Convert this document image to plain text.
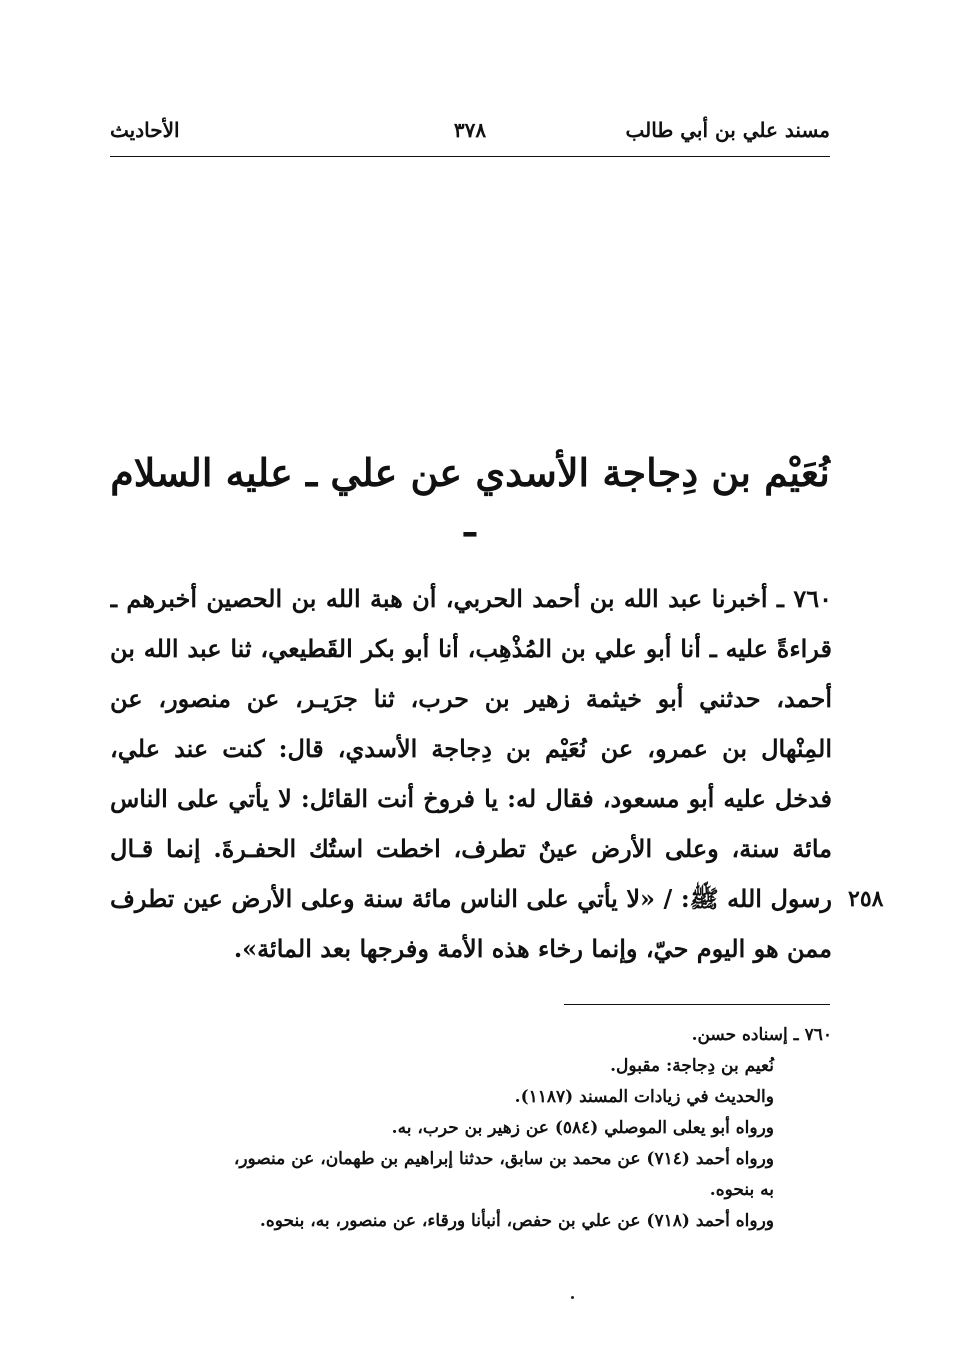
مسند علي بن أبي طالب
٣٧٨
الأحاديث
نُعَيْم بن دِجاجة الأسدي عن علي ـ عليه السلام ـ
٧٦٠ ـ أخبرنا عبد الله بن أحمد الحربي، أن هبة الله بن الحصين أخبرهم ـ
قراءةً عليه ـ أنا أبو علي بن المُذْهِب، أنا أبو بكر القَطيعي، ثنا عبد الله بن
أحمد، حدثني أبو خيثمة زهير بن حرب، ثنا جرَيـر، عن منصور، عن
المِنْهال بن عمرو، عن نُعَيْم بن دِجاجة الأسدي، قال: كنت عند علي،
فدخل عليه أبو مسعود، فقال له: يا فروخ أنت القائل: لا يأتي على الناس
مائة سنة، وعلى الأرض عينٌ تطرف، اخطت استُك الحفـرةَ. إنما قـال
رسول الله ﷺ: / «لا يأتي على الناس مائة سنة وعلى الأرض عين تطرف
ممن هو اليوم حيّ، وإنما رخاء هذه الأمة وفرجها بعد المائة».
٢٥٨
٧٦٠ ـ إسناده حسن.
نُعيم بن دِجاجة: مقبول.
والحديث في زيادات المسند (١١٨٧).
ورواه أبو يعلى الموصلي (٥٨٤) عن زهير بن حرب، به.
ورواه أحمد (٧١٤) عن محمد بن سابق، حدثنا إبراهيم بن طهمان، عن منصور،
به بنحوه.
ورواه أحمد (٧١٨) عن علي بن حفص، أنبأنا ورقاء، عن منصور، به، بنحوه.
